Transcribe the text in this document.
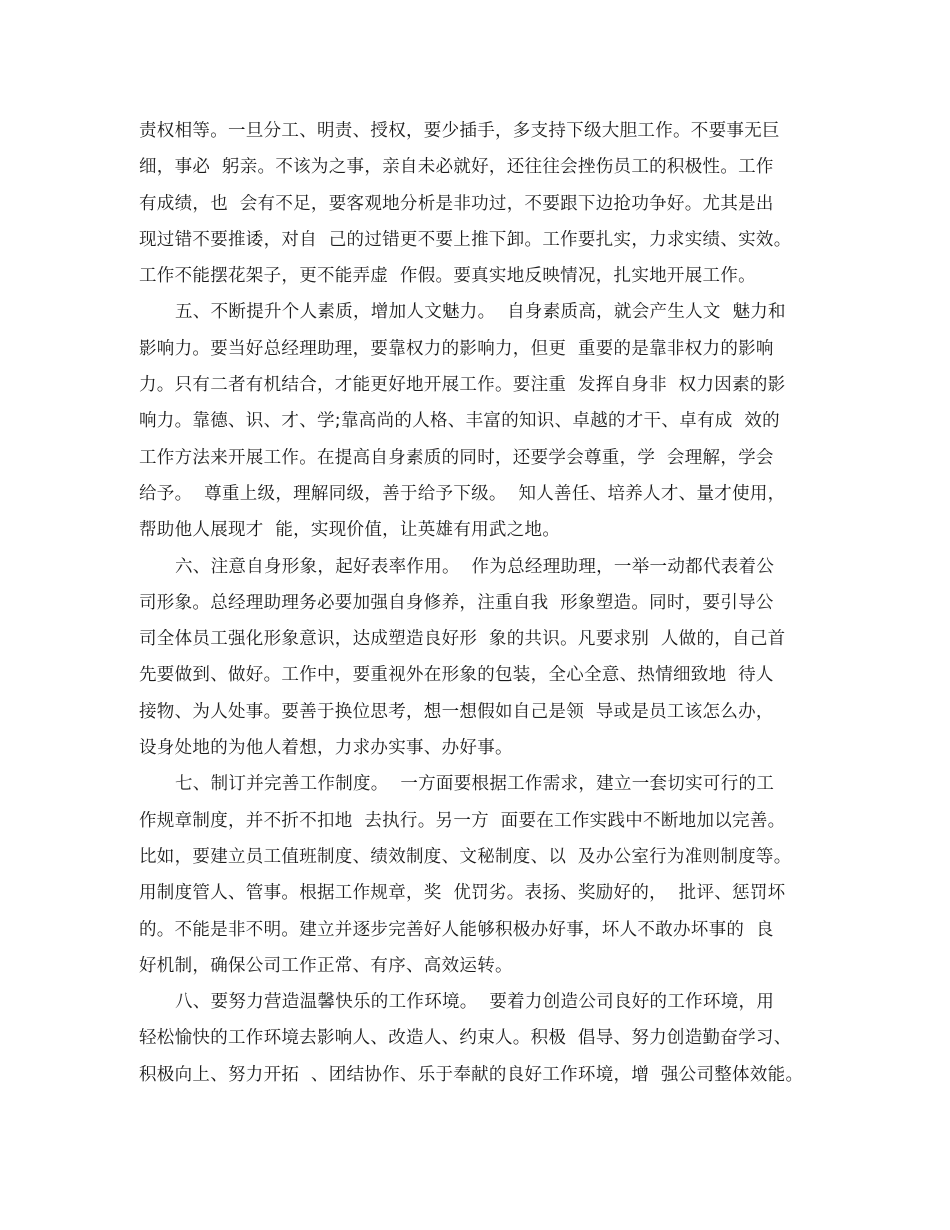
责权相等。一旦分工、明责、授权，要少插手，多支持下级大胆工作。不要事无巨
细，事必  躬亲。不该为之事，亲自未必就好，还往往会挫伤员工的积极性。工作
有成绩，也  会有不足，要客观地分析是非功过，不要跟下边抢功争好。尤其是出
现过错不要推诿，对自  己的过错更不要上推下卸。工作要扎实，力求实绩、实效。
工作不能摆花架子，更不能弄虚  作假。要真实地反映情况，扎实地开展工作。
五、不断提升个人素质，增加人文魅力。  自身素质高，就会产生人文  魅力和
影响力。要当好总经理助理，要靠权力的影响力，但更  重要的是靠非权力的影响
力。只有二者有机结合，才能更好地开展工作。要注重  发挥自身非  权力因素的影
响力。靠德、识、才、学;靠高尚的人格、丰富的知识、卓越的才干、卓有成  效的
工作方法来开展工作。在提高自身素质的同时，还要学会尊重，学  会理解，学会
给予。  尊重上级，理解同级，善于给予下级。  知人善任、培养人才、量才使用，
帮助他人展现才  能，实现价值，让英雄有用武之地。
六、注意自身形象，起好表率作用。  作为总经理助理，一举一动都代表着公
司形象。总经理助理务必要加强自身修养，注重自我  形象塑造。同时，要引导公
司全体员工强化形象意识，达成塑造良好形  象的共识。凡要求别  人做的，自己首
先要做到、做好。工作中，要重视外在形象的包装，全心全意、热情细致地  待人
接物、为人处事。要善于换位思考，想一想假如自己是领  导或是员工该怎么办，
设身处地的为他人着想，力求办实事、办好事。
七、制订并完善工作制度。  一方面要根据工作需求，建立一套切实可行的工
作规章制度，并不折不扣地  去执行。另一方  面要在工作实践中不断地加以完善。
比如，要建立员工值班制度、绩效制度、文秘制度、以  及办公室行为准则制度等。
用制度管人、管事。根据工作规章，奖  优罚劣。表扬、奖励好的，  批评、惩罚坏
的。不能是非不明。建立并逐步完善好人能够积极办好事，坏人不敢办坏事的  良
好机制，确保公司工作正常、有序、高效运转。
八、要努力营造温馨快乐的工作环境。  要着力创造公司良好的工作环境，用
轻松愉快的工作环境去影响人、改造人、约束人。积极  倡导、努力创造勤奋学习、
积极向上、努力开拓  、团结协作、乐于奉献的良好工作环境，增  强公司整体效能。
